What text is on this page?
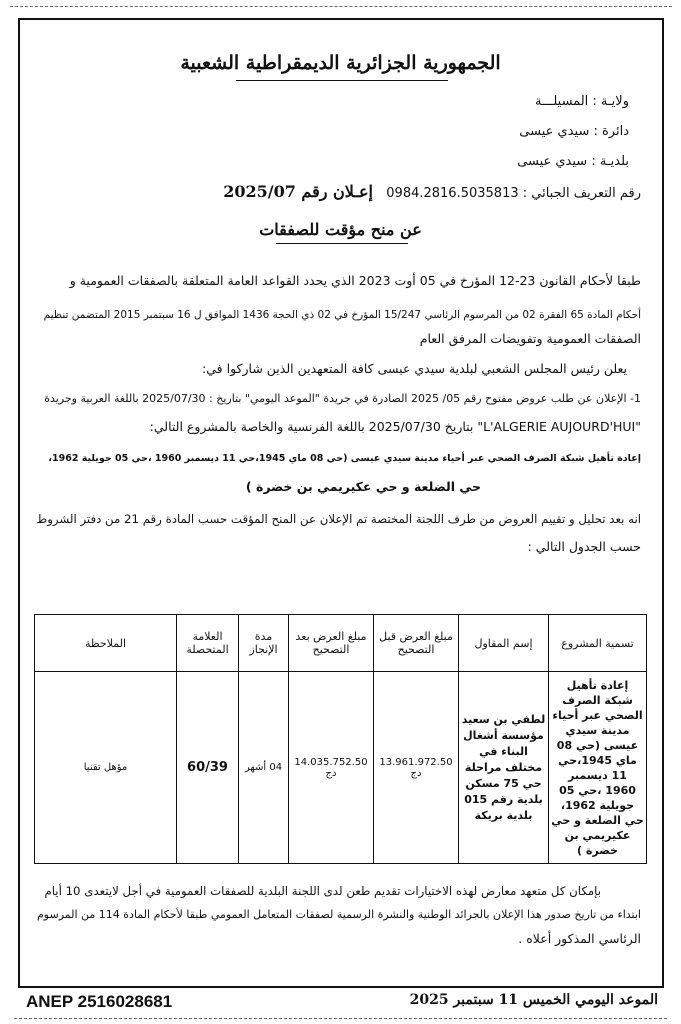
الجمهورية الجزائرية الديمقراطية الشعبية
ولايـة : المسيلـــة
دائرة : سيدي عيسى
بلديـة : سيدي عيسى
رقم التعريف الجبائي : 0984.2816.5035813
إعـلان رقم 2025/07
عن منح مؤقت للصفقات
طبقا لأحكام القانون 23-12 المؤرخ في 05 أوت 2023 الذي يحدد القواعد العامة المتعلقة بالصفقات العمومية و
أحكام المادة 65 الفقرة 02 من المرسوم الرئاسي 15/247 المؤرخ في 02 ذي الحجة 1436 الموافق ل 16 سبتمبر 2015 المتضمن تنظيم
الصفقات العمومية وتفويضات المرفق العام
يعلن رئيس المجلس الشعبي لبلدية سيدي عيسى كافة المتعهدين الذين شاركوا في:
1- الإعلان عن طلب عروض مفتوح رقم 05/ 2025 الصادرة في جريدة "الموعد اليومي" بتاريخ : 2025/07/30 باللغة العربية وجريدة
"L'ALGERIE AUJOURD'HUI" بتاريخ 2025/07/30 باللغة الفرنسية والخاصة بالمشروع التالي:
إعادة تأهيل شبكة الصرف الصحي عبر أحياء مدينة سيدي عيسى (حي 08 ماي 1945،حي 11 ديسمبر 1960 ،حي 05 جويلية 1962،
حي الضلعة و حي عكيريمي بن خضرة )
انه بعد تحليل و تقييم العروض من طرف اللجنة المختصة تم الإعلان عن المنح المؤقت حسب المادة رقم 21 من دفتر الشروط
حسب الجدول التالي :
تسمية المشروع	إسم المقاول	مبلغ العرض قبل التصحيح	مبلغ العرض بعد التصحيح	مدة الإنجاز	العلامة المتحصلة	الملاحظة
إعادة تأهيل شبكة الصرف الصحي عبر أحياء مدينة سيدي عيسى (حي 08 ماي 1945،حي 11 ديسمبر 1960 ،حي 05 جويلية 1962، حي الضلعة و حي عكيريمي بن خضرة )	لطفي بن سعيد مؤسسة أشغال البناء في مختلف مراحلة حي 75 مسكن بلدية رقم 015 بلدية بريكة	13.961.972.50 دج	14.035.752.50 دج	04 أشهر	60/39	مؤهل تقنيا
بإمكان كل متعهد معارض لهذه الاختيارات تقديم طعن لدى اللجنة البلدية للصفقات العمومية في أجل لايتعدى 10 أيام
ابتداء من تاريخ صدور هذا الإعلان بالجرائد الوطنية والنشرة الرسمية لصفقات المتعامل العمومي طبقا لأحكام المادة 114 من المرسوم
الرئاسي المذكور أعلاه .
ANEP 2516028681	الموعد اليومي الخميس 11 سبتمبر 2025
